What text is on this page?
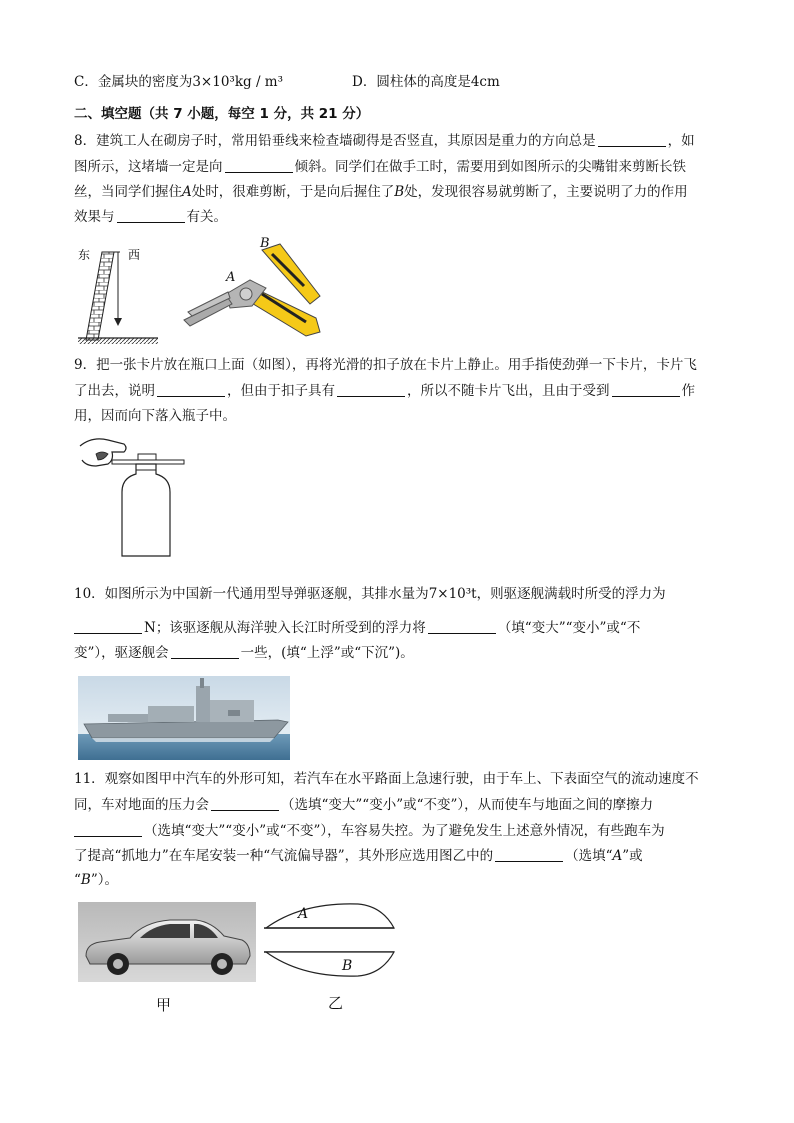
C．金属块的密度为3×10³kg / m³	D．圆柱体的高度是4cm
二、填空题（共 7 小题，每空 1 分，共 21 分）
8．建筑工人在砌房子时，常用铅垂线来检查墙砌得是否竖直，其原因是重力的方向总是	，如
图所示，这堵墙一定是向	倾斜。同学们在做手工时，需要用到如图所示的尖嘴钳来剪断长铁
丝，当同学们握住A处时，很难剪断，于是向后握住了B处，发现很容易就剪断了，主要说明了力的作用
效果与	有关。
东	西
B
A
9．把一张卡片放在瓶口上面（如图），再将光滑的扣子放在卡片上静止。用手指使劲弹一下卡片，卡片飞
了出去，说明	，但由于扣子具有	，所以不随卡片飞出，且由于受到	作
用，因而向下落入瓶子中。
10．如图所示为中国新一代通用型导弹驱逐舰，其排水量为7×10³t，则驱逐舰满载时所受的浮力为
N；该驱逐舰从海洋驶入长江时所受到的浮力将	（填“变大”“变小”或“不
变”），驱逐舰会	一些，(填“上浮”或“下沉”)。
11．观察如图甲中汽车的外形可知，若汽车在水平路面上急速行驶，由于车上、下表面空气的流动速度不
同，车对地面的压力会	（选填“变大”“变小”或“不变”），从而使车与地面之间的摩擦力
（选填“变大”“变小”或“不变”），车容易失控。为了避免发生上述意外情况，有些跑车为
了提高“抓地力”在车尾安装一种“气流偏导器”，其外形应选用图乙中的	（选填“A”或
“B”）。
甲
A
B
乙
